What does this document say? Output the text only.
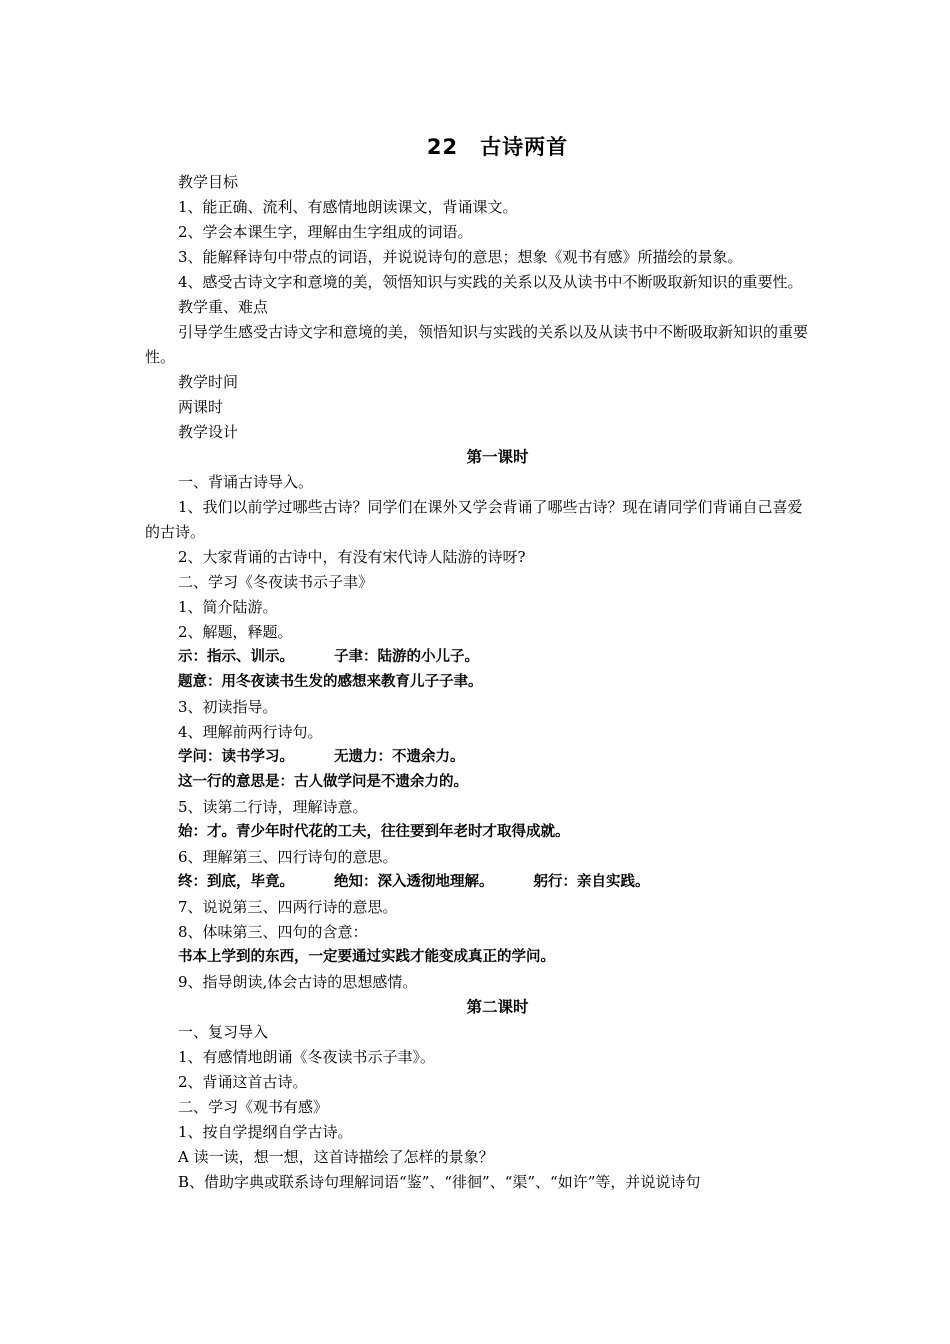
22 古诗两首

教学目标

1、能正确、流利、有感情地朗读课文，背诵课文。

2、学会本课生字，理解由生字组成的词语。

3、能解释诗句中带点的词语，并说说诗句的意思；想象《观书有感》所描绘的景象。

4、感受古诗文字和意境的美，领悟知识与实践的关系以及从读书中不断吸取新知识的重要性。

教学重、难点

引导学生感受古诗文字和意境的美，领悟知识与实践的关系以及从读书中不断吸取新知识的重要性。

教学时间

两课时

教学设计

第一课时

一、背诵古诗导入。

1、我们以前学过哪些古诗？同学们在课外又学会背诵了哪些古诗？现在请同学们背诵自己喜爱的古诗。

2、大家背诵的古诗中，有没有宋代诗人陆游的诗呀?

二、学习《冬夜读书示子聿》

1、简介陆游。

2、解题，释题。

示：指示、训示。	子聿：陆游的小儿子。

题意：用冬夜读书生发的感想来教育儿子子聿。

3、初读指导。

4、理解前两行诗句。

学问：读书学习。	无遗力：不遗余力。

这一行的意思是：古人做学问是不遗余力的。

5、读第二行诗，理解诗意。

始：才。青少年时代花的工夫，往往要到年老时才取得成就。

6、理解第三、四行诗句的意思。

终：到底，毕竟。	绝知：深入透彻地理解。	躬行：亲自实践。

7、说说第三、四两行诗的意思。

8、体味第三、四句的含意：

书本上学到的东西，一定要通过实践才能变成真正的学问。

9、指导朗读,体会古诗的思想感情。

第二课时

一、复习导入

1、有感情地朗诵《冬夜读书示子聿》。

2、背诵这首古诗。

二、学习《观书有感》

1、按自学提纲自学古诗。

A 读一读，想一想，这首诗描绘了怎样的景象？

B、借助字典或联系诗句理解词语“鉴”、“徘徊”、“渠”、“如许”等，并说说诗句
